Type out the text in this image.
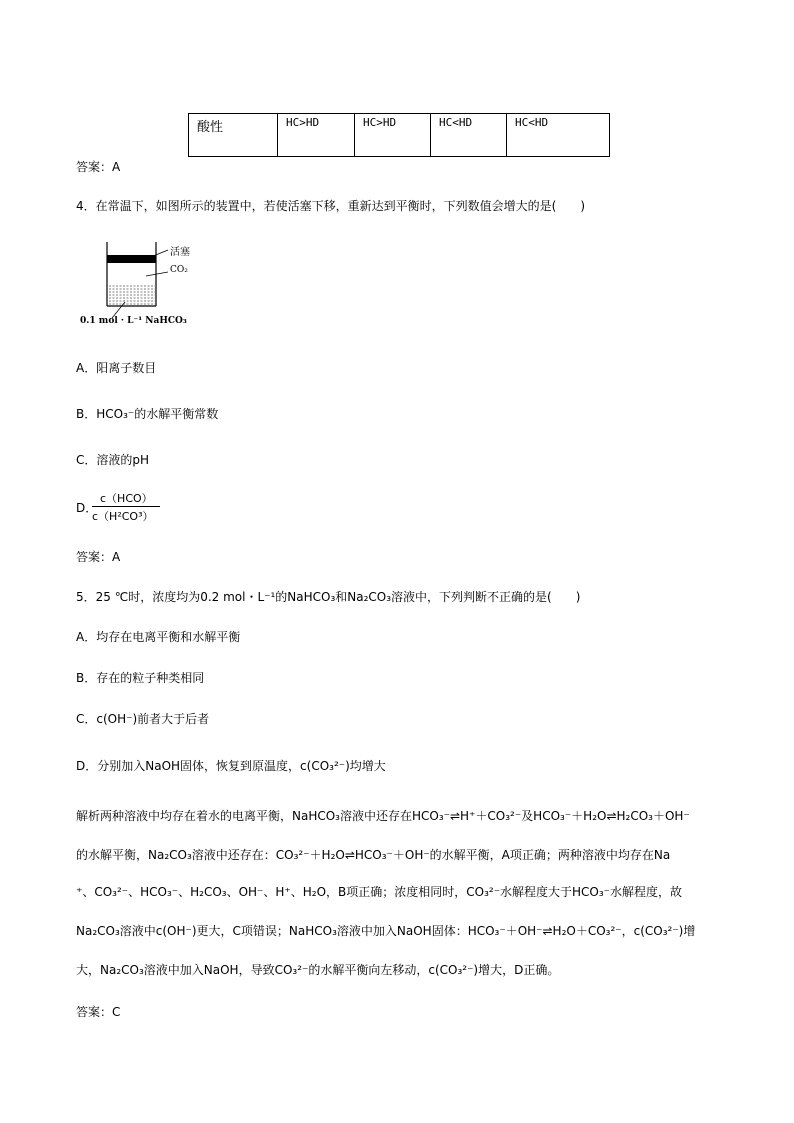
酸性	HC>HD	HC>HD	HC<HD	HC<HD
答案：A
4．在常温下，如图所示的装置中，若使活塞下移，重新达到平衡时，下列数值会增大的是(　　)
活塞
CO₂
0.1 mol · L⁻¹ NaHCO₃
A．阳离子数目
B．HCO₃⁻的水解平衡常数
C．溶液的pH
D．
c（HCO）
c（H²CO³）
答案：A
5．25 ℃时，浓度均为0.2 mol・L⁻¹的NaHCO₃和Na₂CO₃溶液中，下列判断不正确的是(　　)
A．均存在电离平衡和水解平衡
B．存在的粒子种类相同
C．c(OH⁻)前者大于后者
D．分别加入NaOH固体，恢复到原温度，c(CO₃²⁻)均增大
解析两种溶液中均存在着水的电离平衡，NaHCO₃溶液中还存在HCO₃⁻⇌H⁺＋CO₃²⁻及HCO₃⁻＋H₂O⇌H₂CO₃＋OH⁻
的水解平衡，Na₂CO₃溶液中还存在：CO₃²⁻＋H₂O⇌HCO₃⁻＋OH⁻的水解平衡，A项正确；两种溶液中均存在Na
⁺、CO₃²⁻、HCO₃⁻、H₂CO₃、OH⁻、H⁺、H₂O，B项正确；浓度相同时，CO₃²⁻水解程度大于HCO₃⁻水解程度，故
Na₂CO₃溶液中c(OH⁻)更大，C项错误；NaHCO₃溶液中加入NaOH固体：HCO₃⁻＋OH⁻⇌H₂O＋CO₃²⁻，c(CO₃²⁻)增
大，Na₂CO₃溶液中加入NaOH，导致CO₃²⁻的水解平衡向左移动，c(CO₃²⁻)增大，D正确。
答案：C
